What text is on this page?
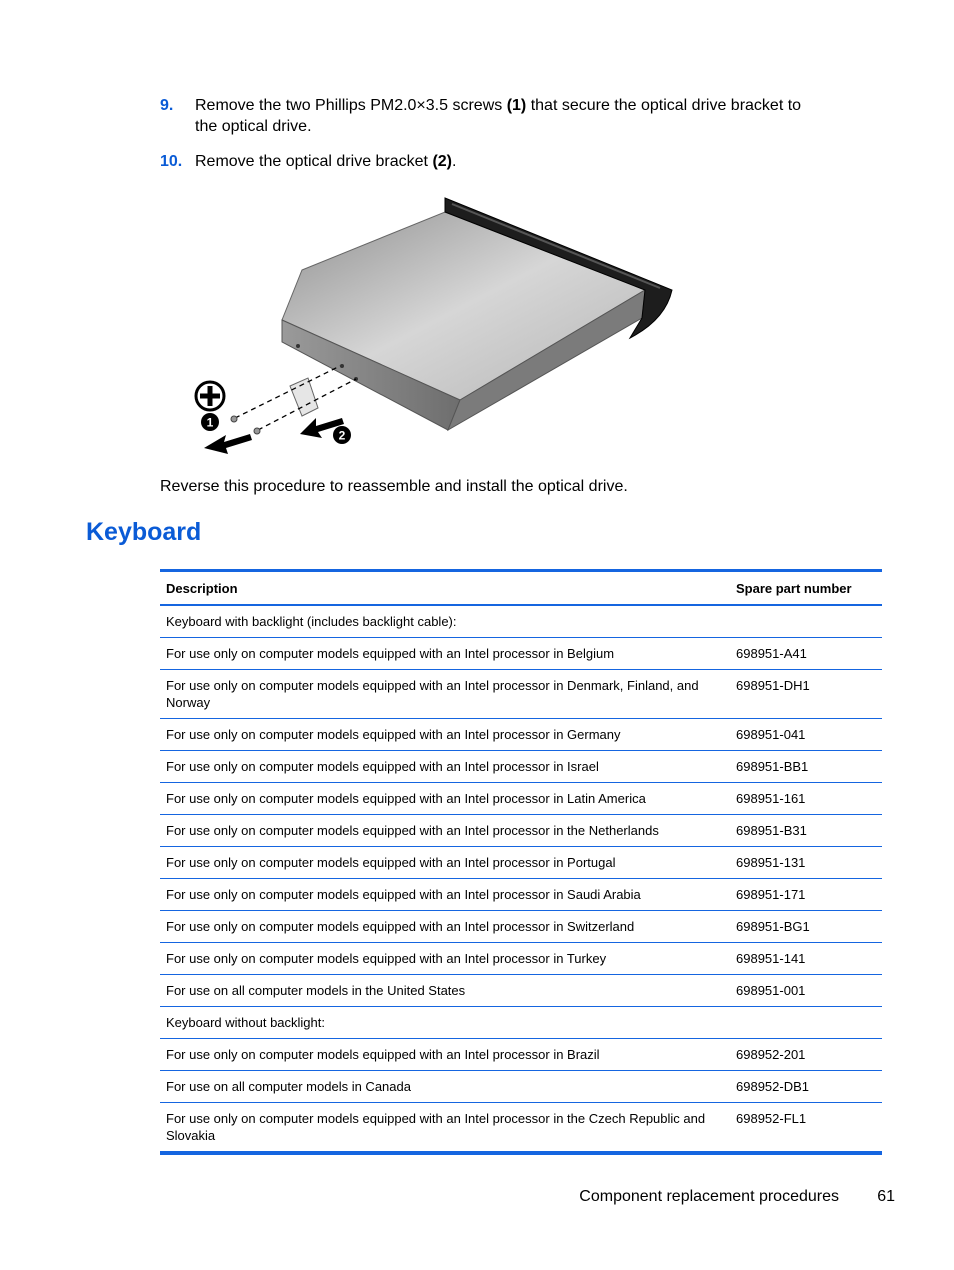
9. Remove the two Phillips PM2.0×3.5 screws (1) that secure the optical drive bracket to the optical drive.
10. Remove the optical drive bracket (2).
1
2
Reverse this procedure to reassemble and install the optical drive.
Keyboard
Description	Spare part number
Keyboard with backlight (includes backlight cable):	
For use only on computer models equipped with an Intel processor in Belgium	698951-A41
For use only on computer models equipped with an Intel processor in Denmark, Finland, and Norway	698951-DH1
For use only on computer models equipped with an Intel processor in Germany	698951-041
For use only on computer models equipped with an Intel processor in Israel	698951-BB1
For use only on computer models equipped with an Intel processor in Latin America	698951-161
For use only on computer models equipped with an Intel processor in the Netherlands	698951-B31
For use only on computer models equipped with an Intel processor in Portugal	698951-131
For use only on computer models equipped with an Intel processor in Saudi Arabia	698951-171
For use only on computer models equipped with an Intel processor in Switzerland	698951-BG1
For use only on computer models equipped with an Intel processor in Turkey	698951-141
For use on all computer models in the United States	698951-001
Keyboard without backlight:	
For use only on computer models equipped with an Intel processor in Brazil	698952-201
For use on all computer models in Canada	698952-DB1
For use only on computer models equipped with an Intel processor in the Czech Republic and Slovakia	698952-FL1
Component replacement procedures 61
